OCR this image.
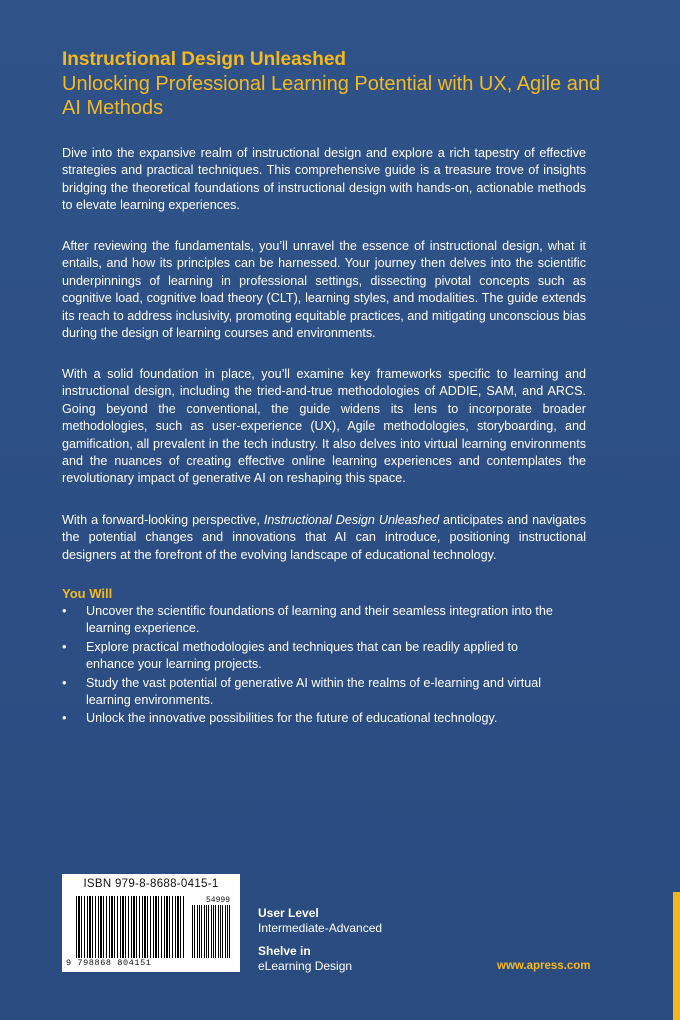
Instructional Design Unleashed
Unlocking Professional Learning Potential with UX, Agile and AI Methods

Dive into the expansive realm of instructional design and explore a rich tapestry of effective strategies and practical techniques. This comprehensive guide is a treasure trove of insights bridging the theoretical foundations of instructional design with hands-on, actionable methods to elevate learning experiences.

After reviewing the fundamentals, you’ll unravel the essence of instructional design, what it entails, and how its principles can be harnessed. Your journey then delves into the scientific underpinnings of learning in professional settings, dissecting pivotal concepts such as cognitive load, cognitive load theory (CLT), learning styles, and modalities. The guide extends its reach to address inclusivity, promoting equitable practices, and mitigating unconscious bias during the design of learning courses and environments.

With a solid foundation in place, you’ll examine key frameworks specific to learning and instructional design, including the tried-and-true methodologies of ADDIE, SAM, and ARCS. Going beyond the conventional, the guide widens its lens to incorporate broader methodologies, such as user-experience (UX), Agile methodologies, storyboarding, and gamification, all prevalent in the tech industry. It also delves into virtual learning environments and the nuances of creating effective online learning experiences and contemplates the revolutionary impact of generative AI on reshaping this space.

With a forward-looking perspective, Instructional Design Unleashed anticipates and navigates the potential changes and innovations that AI can introduce, positioning instructional designers at the forefront of the evolving landscape of educational technology.

You Will
•	Uncover the scientific foundations of learning and their seamless integration into the learning experience.
•	Explore practical methodologies and techniques that can be readily applied to enhance your learning projects.
•	Study the vast potential of generative AI within the realms of e-learning and virtual learning environments.
•	Unlock the innovative possibilities for the future of educational technology.
ISBN 979-8-8688-0415-1
54999
9 798868 804151

User Level

Intermediate-Advanced

Shelve in

eLearning Design	www.apress.com
